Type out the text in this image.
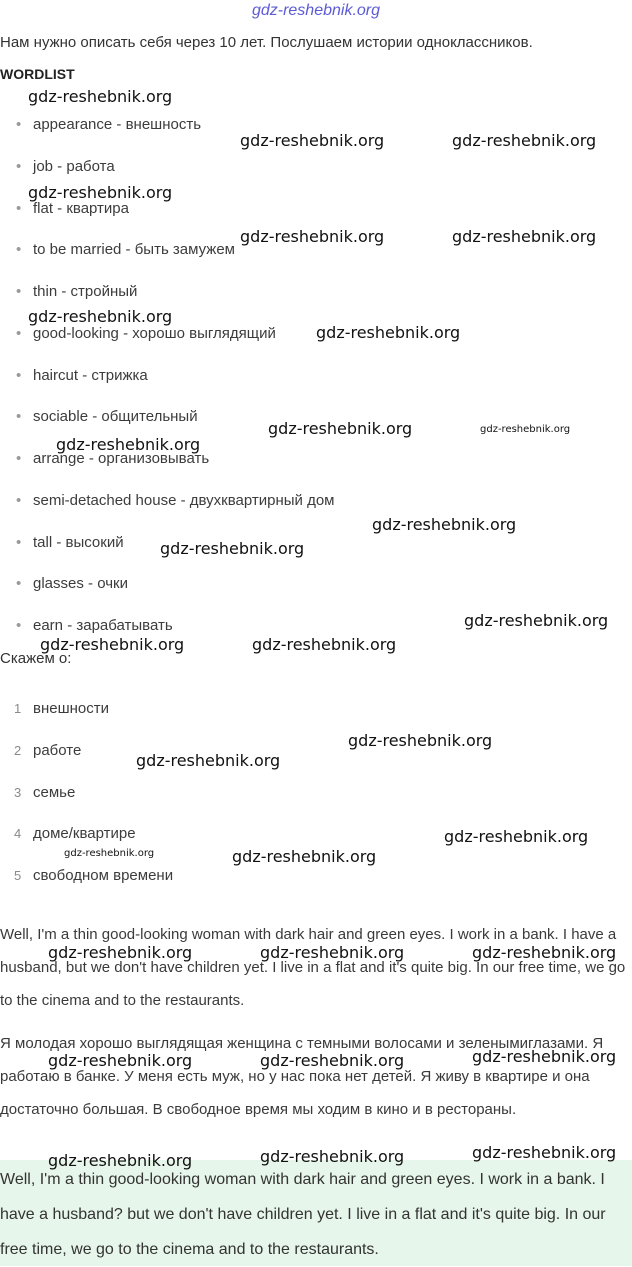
gdz-reshebnik.org
Нам нужно описать себя через 10 лет. Послушаем истории одноклассников.
WORDLIST
• appearance - внешность
• job - работа
• flat - квартира
• to be married - быть замужем
• thin - стройный
• good-looking - хорошо выглядящий
• haircut - стрижка
• sociable - общительный
• arrange - организовывать
• semi-detached house - двухквартирный дом
• tall - высокий
• glasses - очки
• earn - зарабатывать
Скажем о:
1 внешности
2 работе
3 семье
4 доме/квартире
5 свободном времени
Well, I'm a thin good-looking woman with dark hair and green eyes. I work in a bank. I have a husband, but we don't have children yet. I live in a flat and it's quite big. In our free time, we go to the cinema and to the restaurants.
Я молодая хорошо выглядящая женщина с темными волосами и зеленымиглазами. Я работаю в банке. У меня есть муж, но у нас пока нет детей. Я живу в квартире и она достаточно большая. В свободное время мы ходим в кино и в рестораны.
Well, I'm a thin good-looking woman with dark hair and green eyes. I work in a bank. I have a husband? but we don't have children yet. I live in a flat and it's quite big. In our free time, we go to the cinema and to the restaurants.
gdz-reshebnik.org
gdz-reshebnik.org	gdz-reshebnik.org
gdz-reshebnik.org
gdz-reshebnik.org	gdz-reshebnik.org
gdz-reshebnik.org
gdz-reshebnik.org
gdz-reshebnik.org	gdz-reshebnik.org
gdz-reshebnik.org
gdz-reshebnik.org
gdz-reshebnik.org
gdz-reshebnik.org
gdz-reshebnik.org	gdz-reshebnik.org
gdz-reshebnik.org
gdz-reshebnik.org
gdz-reshebnik.org
gdz-reshebnik.org	gdz-reshebnik.org
gdz-reshebnik.org	gdz-reshebnik.org	gdz-reshebnik.org
gdz-reshebnik.org	gdz-reshebnik.org	gdz-reshebnik.org
gdz-reshebnik.org	gdz-reshebnik.org	gdz-reshebnik.org
